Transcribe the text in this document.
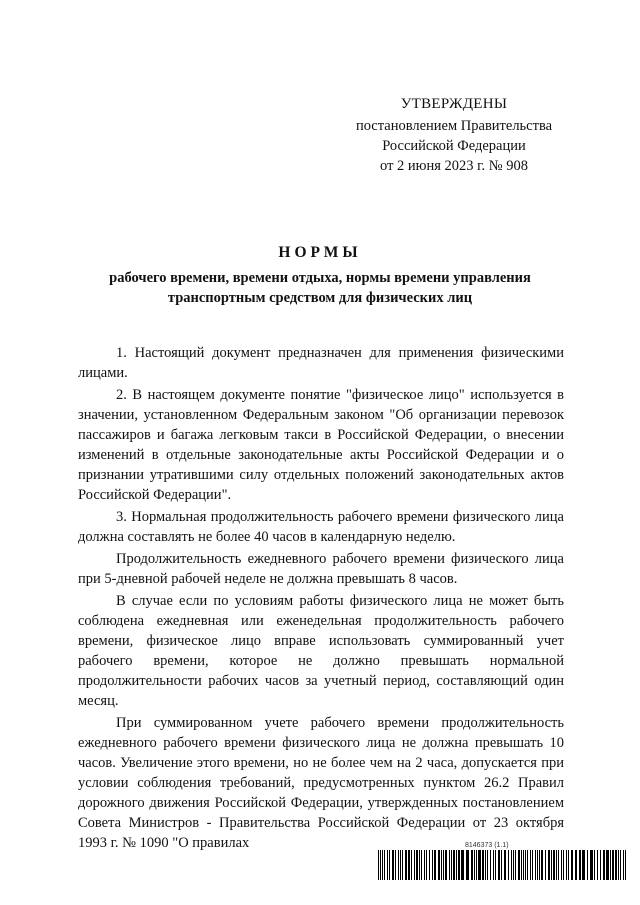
УТВЕРЖДЕНЫ
постановлением Правительства
Российской Федерации
от 2 июня 2023 г. № 908
НОРМЫ
рабочего времени, времени отдыха, нормы времени управления транспортным средством для физических лиц

1. Настоящий документ предназначен для применения физическими лицами.

2. В настоящем документе понятие "физическое лицо" используется в значении, установленном Федеральным законом "Об организации перевозок пассажиров и багажа легковым такси в Российской Федерации, о внесении изменений в отдельные законодательные акты Российской Федерации и о признании утратившими силу отдельных положений законодательных актов Российской Федерации".

3. Нормальная продолжительность рабочего времени физического лица должна составлять не более 40 часов в календарную неделю.

Продолжительность ежедневного рабочего времени физического лица при 5-дневной рабочей неделе не должна превышать 8 часов.

В случае если по условиям работы физического лица не может быть соблюдена ежедневная или еженедельная продолжительность рабочего времени, физическое лицо вправе использовать суммированный учет рабочего времени, которое не должно превышать нормальной продолжительности рабочих часов за учетный период, составляющий один месяц.

При суммированном учете рабочего времени продолжительность ежедневного рабочего времени физического лица не должна превышать 10 часов. Увеличение этого времени, но не более чем на 2 часа, допускается при условии соблюдения требований, предусмотренных пунктом 26.2 Правил дорожного движения Российской Федерации, утвержденных постановлением Совета Министров - Правительства Российской Федерации от 23 октября 1993 г. № 1090 "О правилах	8146373 (1.1)
